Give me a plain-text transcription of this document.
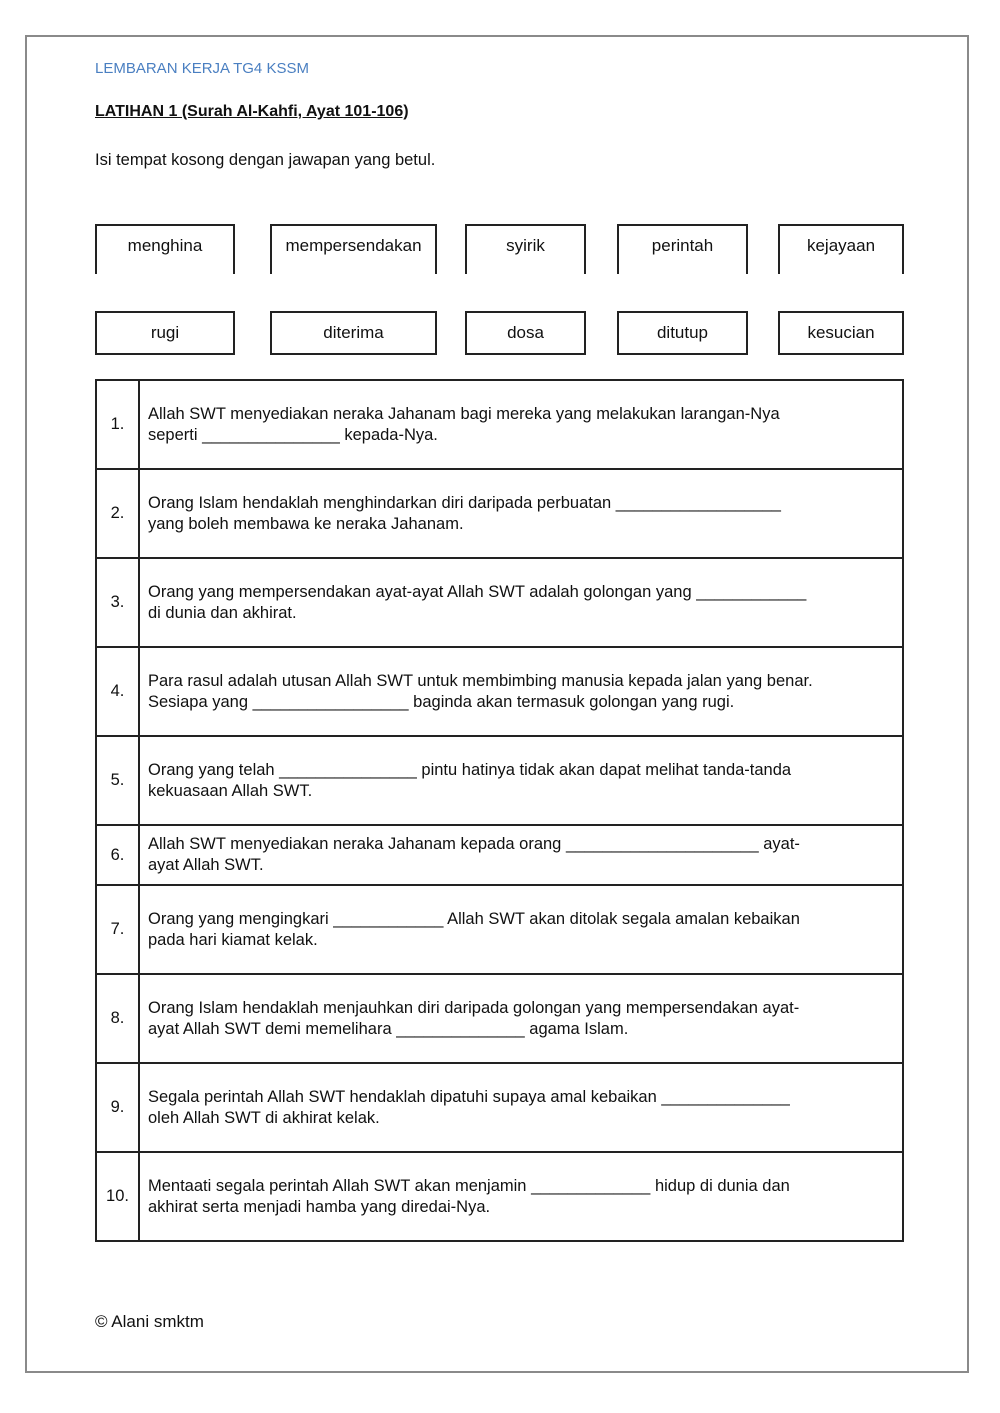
LEMBARAN KERJA TG4 KSSM
LATIHAN 1 (Surah Al-Kahfi, Ayat 101-106)
Isi tempat kosong dengan jawapan yang betul.
menghina	mempersendakan	syirik	perintah	kejayaan
rugi	diterima	dosa	ditutup	kesucian
1.	Allah SWT menyediakan neraka Jahanam bagi mereka yang melakukan larangan-Nya
seperti _______________ kepada-Nya.

2.	Orang Islam hendaklah menghindarkan diri daripada perbuatan __________________
yang boleh membawa ke neraka Jahanam.

3.	Orang yang mempersendakan ayat-ayat Allah SWT adalah golongan yang ____________
di dunia dan akhirat.

4.	Para rasul adalah utusan Allah SWT untuk membimbing manusia kepada jalan yang benar.
Sesiapa yang _________________ baginda akan termasuk golongan yang rugi.

5.	Orang yang telah _______________ pintu hatinya tidak akan dapat melihat tanda-tanda
kekuasaan Allah SWT.

6.	Allah SWT menyediakan neraka Jahanam kepada orang _____________________ ayat-
ayat Allah SWT.

7.	Orang yang mengingkari ____________ Allah SWT akan ditolak segala amalan kebaikan
pada hari kiamat kelak.

8.	Orang Islam hendaklah menjauhkan diri daripada golongan yang mempersendakan ayat-
ayat Allah SWT demi memelihara ______________ agama Islam.

9.	Segala perintah Allah SWT hendaklah dipatuhi supaya amal kebaikan ______________
oleh Allah SWT di akhirat kelak.

10.	Mentaati segala perintah Allah SWT akan menjamin _____________ hidup di dunia dan
akhirat serta menjadi hamba yang diredai-Nya.
© Alani smktm
